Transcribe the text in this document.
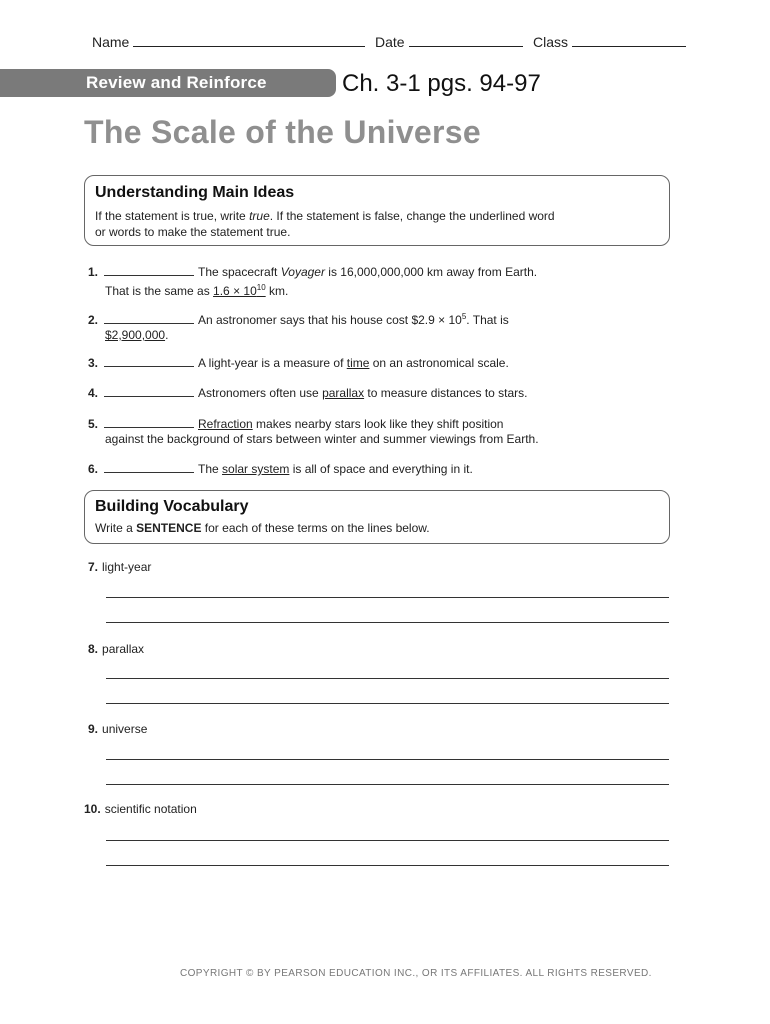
Name	Date	Class
Review and Reinforce	Ch. 3-1 pgs. 94-97
The Scale of the Universe
Understanding Main Ideas

If the statement is true, write true. If the statement is false, change the underlined word
or words to make the statement true.

1.	The spacecraft Voyager is 16,000,000,000 km away from Earth.
That is the same as $1.6 \times 10^{10}$ km.
2.	An astronomer says that his house cost $2.9 × $10^5$. That is
$2,900,000.
3.	A light-year is a measure of time on an astronomical scale.
4.	Astronomers often use parallax to measure distances to stars.
5.	Refraction makes nearby stars look like they shift position
against the background of stars between winter and summer viewings from Earth.
6.	The solar system is all of space and everything in it.
Building Vocabulary

Write a SENTENCE for each of these terms on the lines below.

7. light-year
8. parallax
9. universe
10. scientific notation
COPYRIGHT © BY PEARSON EDUCATION INC., OR ITS AFFILIATES. ALL RIGHTS RESERVED.
